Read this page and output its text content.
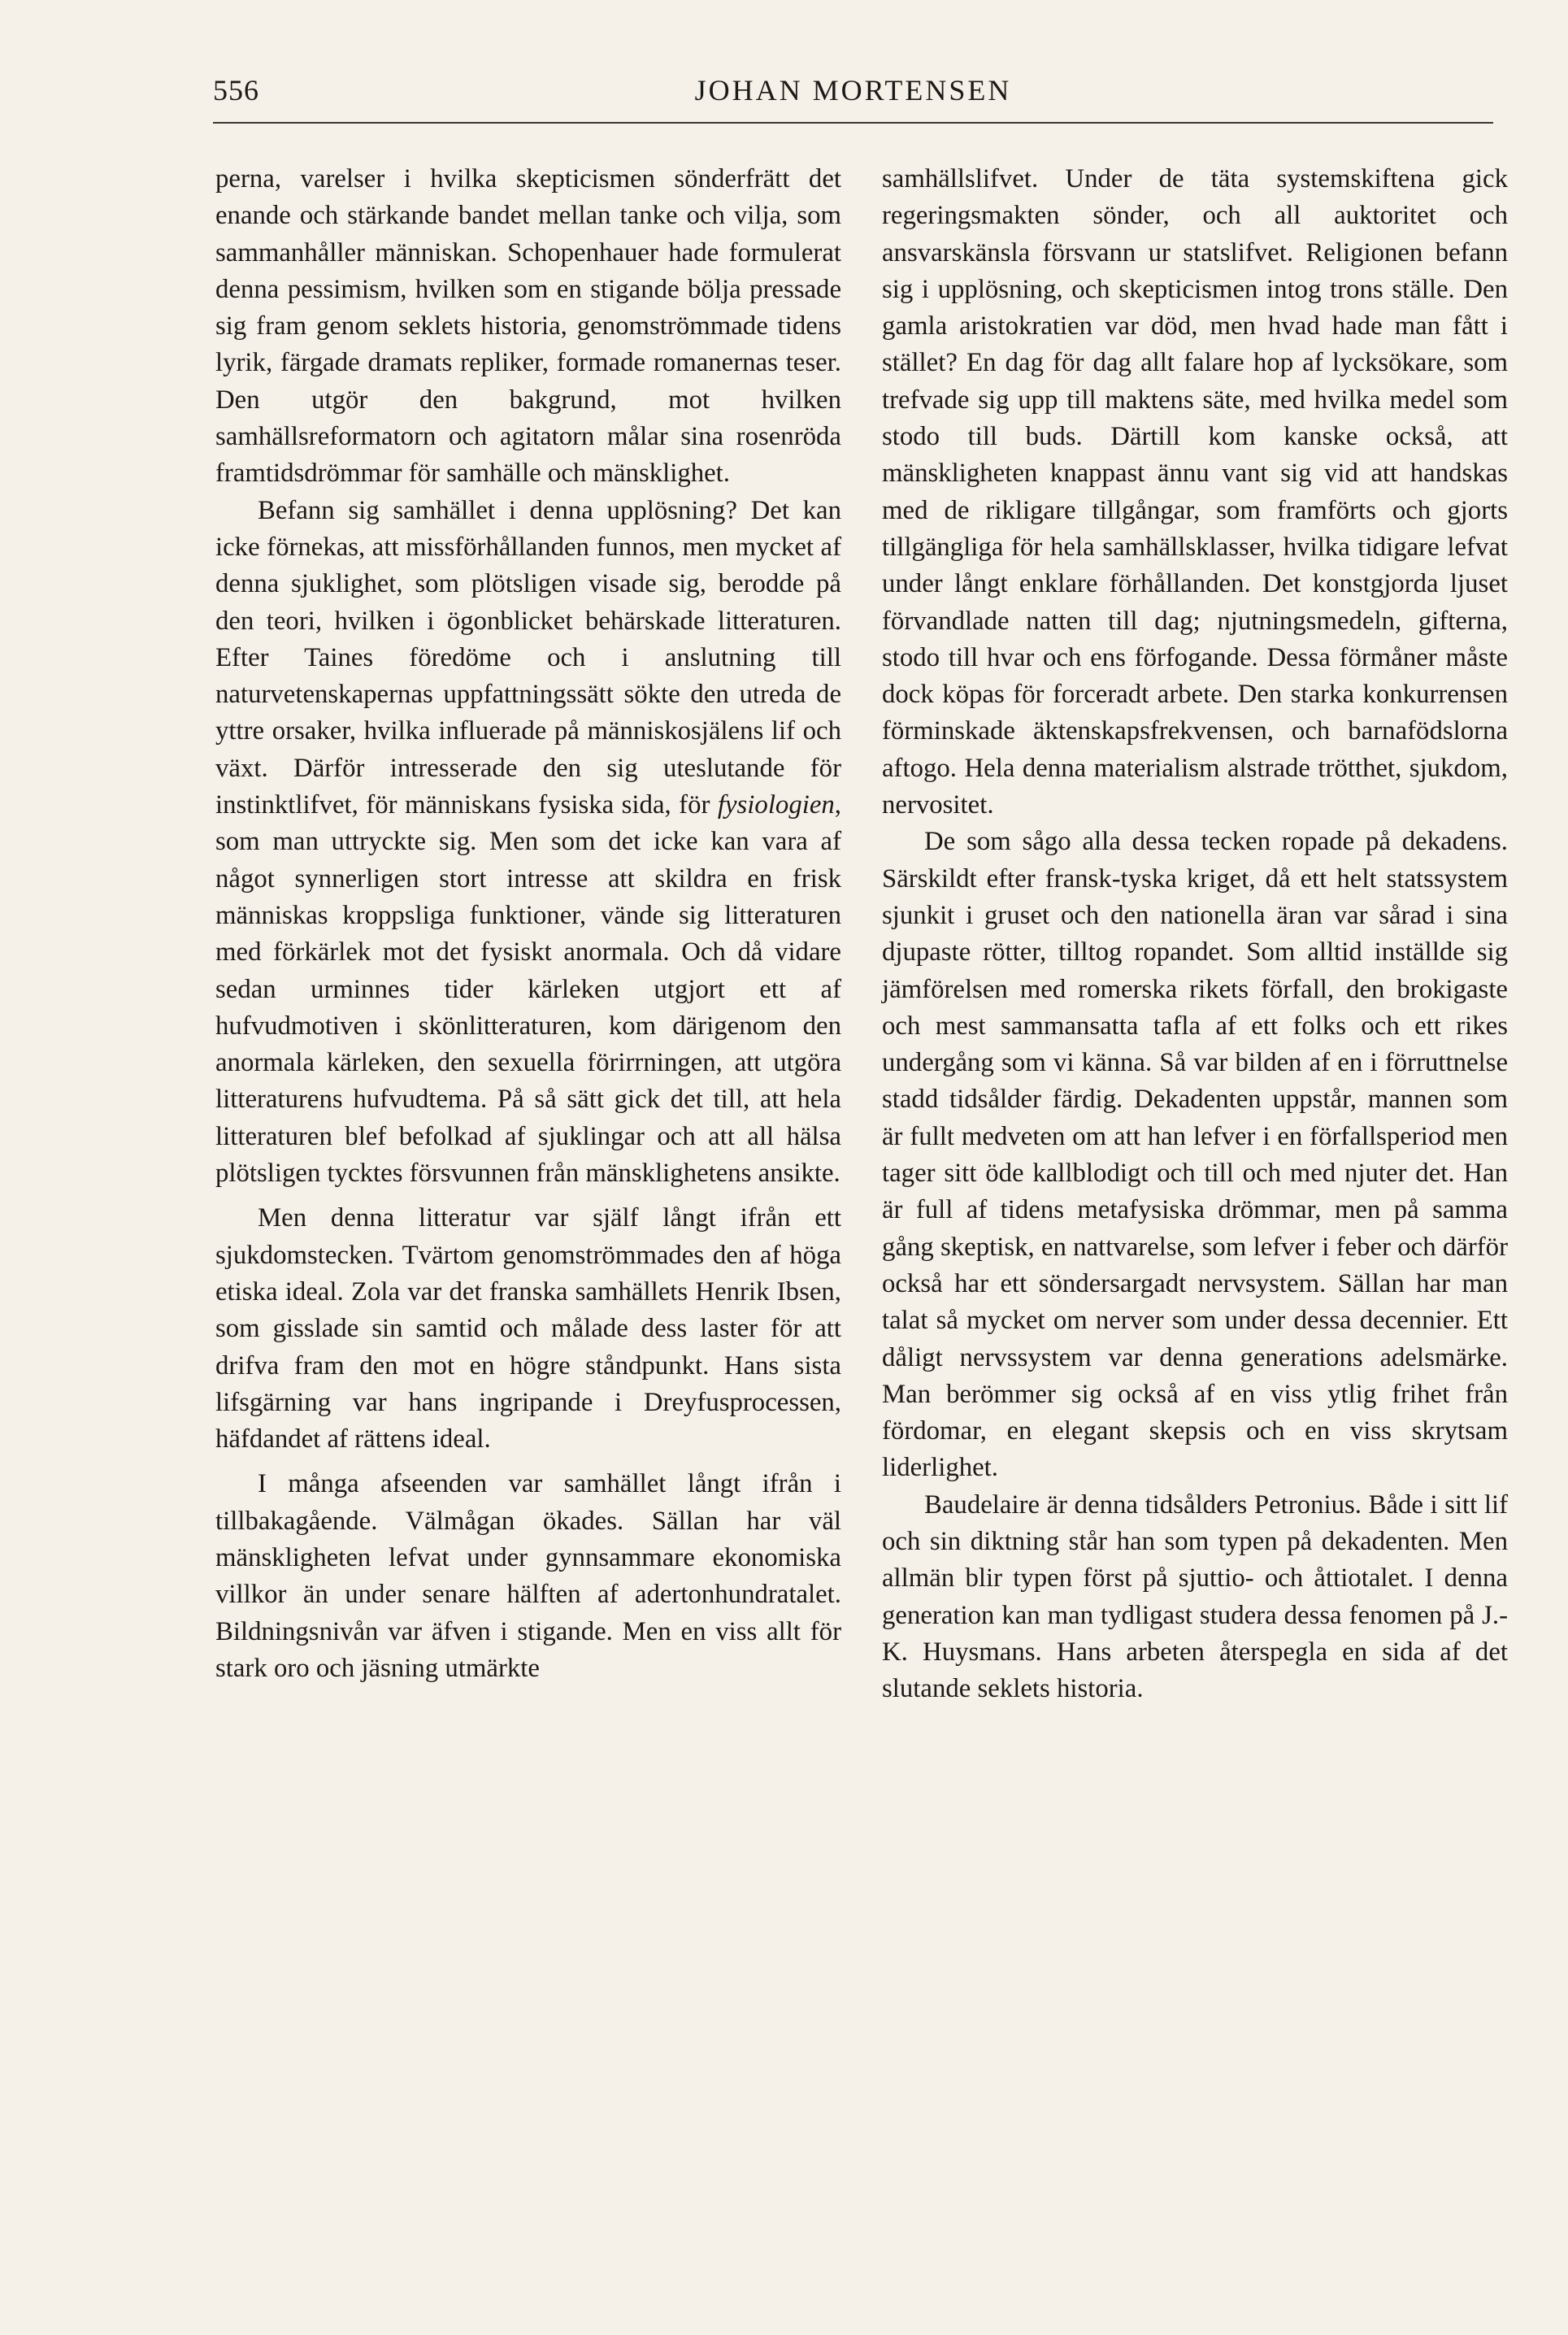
556	JOHAN MORTENSEN

perna, varelser i hvilka skepticismen sönderfrätt det enande och stärkande bandet mellan tanke och vilja, som sammanhåller människan. Schopenhauer hade formulerat denna pessimism, hvilken som en stigande bölja pressade sig fram genom seklets historia, genomströmmade tidens lyrik, färgade dramats repliker, formade romanernas teser. Den utgör den bakgrund, mot hvilken samhällsreformatorn och agitatorn målar sina rosenröda framtidsdrömmar för samhälle och mänsklighet.

Befann sig samhället i denna upplösning? Det kan icke förnekas, att missförhållanden funnos, men mycket af denna sjuklighet, som plötsligen visade sig, berodde på den teori, hvilken i ögonblicket behärskade litteraturen. Efter Taines föredöme och i anslutning till naturvetenskapernas uppfattningssätt sökte den utreda de yttre orsaker, hvilka influerade på människosjälens lif och växt. Därför intresserade den sig uteslutande för instinktlifvet, för människans fysiska sida, för fysiologien, som man uttryckte sig. Men som det icke kan vara af något synnerligen stort intresse att skildra en frisk människas kroppsliga funktioner, vände sig litteraturen med förkärlek mot det fysiskt anormala. Och då vidare sedan urminnes tider kärleken utgjort ett af hufvudmotiven i skönlitteraturen, kom därigenom den anormala kärleken, den sexuella förirrningen, att utgöra litteraturens hufvudtema. På så sätt gick det till, att hela litteraturen blef befolkad af sjuklingar och att all hälsa plötsligen tycktes försvunnen från mänsklighetens ansikte.

Men denna litteratur var själf långt ifrån ett sjukdomstecken. Tvärtom genomströmmades den af höga etiska ideal. Zola var det franska samhällets Henrik Ibsen, som gisslade sin samtid och målade dess laster för att drifva fram den mot en högre ståndpunkt. Hans sista lifsgärning var hans ingripande i Dreyfusprocessen, häfdandet af rättens ideal.

I många afseenden var samhället långt ifrån i tillbakagående. Välmågan ökades. Sällan har väl mänskligheten lefvat under gynnsammare ekonomiska villkor än under senare hälften af adertonhundratalet. Bildningsnivån var äfven i stigande. Men en viss allt för stark oro och jäsning utmärkte

samhällslifvet. Under de täta systemskiftena gick regeringsmakten sönder, och all auktoritet och ansvarskänsla försvann ur statslifvet. Religionen befann sig i upplösning, och skepticismen intog trons ställe. Den gamla aristokratien var död, men hvad hade man fått i stället? En dag för dag allt falare hop af lycksökare, som trefvade sig upp till maktens säte, med hvilka medel som stodo till buds. Därtill kom kanske också, att mänskligheten knappast ännu vant sig vid att handskas med de rikligare tillgångar, som framförts och gjorts tillgängliga för hela samhällsklasser, hvilka tidigare lefvat under långt enklare förhållanden. Det konstgjorda ljuset förvandlade natten till dag; njutningsmedeln, gifterna, stodo till hvar och ens förfogande. Dessa förmåner måste dock köpas för forceradt arbete. Den starka konkurrensen förminskade äktenskapsfrekvensen, och barnafödslorna aftogo. Hela denna materialism alstrade trötthet, sjukdom, nervositet.

De som sågo alla dessa tecken ropade på dekadens. Särskildt efter fransk-tyska kriget, då ett helt statssystem sjunkit i gruset och den nationella äran var sårad i sina djupaste rötter, tilltog ropandet. Som alltid inställde sig jämförelsen med romerska rikets förfall, den brokigaste och mest sammansatta tafla af ett folks och ett rikes undergång som vi känna. Så var bilden af en i förruttnelse stadd tidsålder färdig. Dekadenten uppstår, mannen som är fullt medveten om att han lefver i en förfallsperiod men tager sitt öde kallblodigt och till och med njuter det. Han är full af tidens metafysiska drömmar, men på samma gång skeptisk, en nattvarelse, som lefver i feber och därför också har ett söndersargadt nervsystem. Sällan har man talat så mycket om nerver som under dessa decennier. Ett dåligt nervssystem var denna generations adelsmärke. Man berömmer sig också af en viss ytlig frihet från fördomar, en elegant skepsis och en viss skrytsam liderlighet.

Baudelaire är denna tidsålders Petronius. Både i sitt lif och sin diktning står han som typen på dekadenten. Men allmän blir typen först på sjuttio- och åttiotalet. I denna generation kan man tydligast studera dessa fenomen på J.-K. Huysmans. Hans arbeten återspegla en sida af det slutande seklets historia.
